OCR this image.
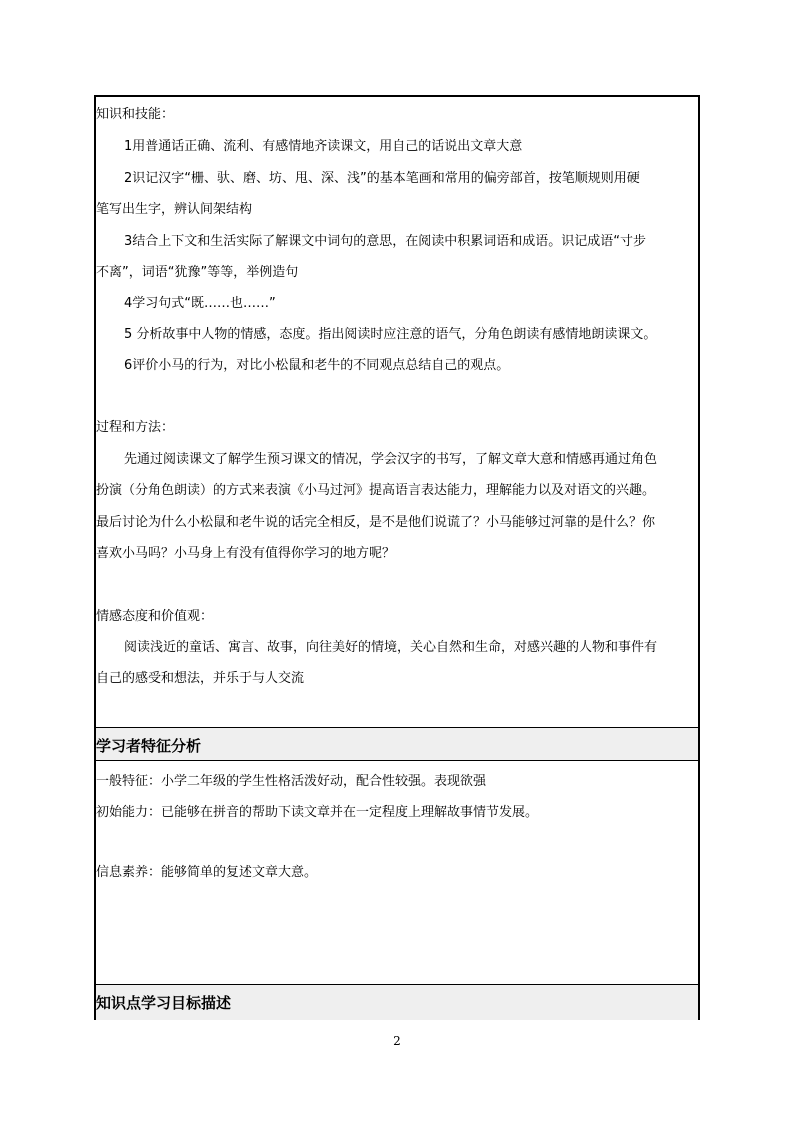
知识和技能：
1用普通话正确、流利、有感情地齐读课文，用自己的话说出文章大意
2识记汉字“栅、驮、磨、坊、甩、深、浅”的基本笔画和常用的偏旁部首，按笔顺规则用硬
笔写出生字，辨认间架结构
3结合上下文和生活实际了解课文中词句的意思，在阅读中积累词语和成语。识记成语“寸步
不离”，词语“犹豫”等等，举例造句
4学习句式“既……也……”
5 分析故事中人物的情感，态度。指出阅读时应注意的语气，分角色朗读有感情地朗读课文。
6评价小马的行为，对比小松鼠和老牛的不同观点总结自己的观点。
过程和方法：
先通过阅读课文了解学生预习课文的情况，学会汉字的书写，了解文章大意和情感再通过角色
扮演（分角色朗读）的方式来表演《小马过河》提高语言表达能力，理解能力以及对语文的兴趣。
最后讨论为什么小松鼠和老牛说的话完全相反，是不是他们说谎了？小马能够过河靠的是什么？你
喜欢小马吗？小马身上有没有值得你学习的地方呢？
情感态度和价值观：
阅读浅近的童话、寓言、故事，向往美好的情境，关心自然和生命，对感兴趣的人物和事件有
自己的感受和想法，并乐于与人交流
学习者特征分析
一般特征：小学二年级的学生性格活泼好动，配合性较强。表现欲强
初始能力：已能够在拼音的帮助下读文章并在一定程度上理解故事情节发展。
信息素养：能够简单的复述文章大意。
知识点学习目标描述
2
